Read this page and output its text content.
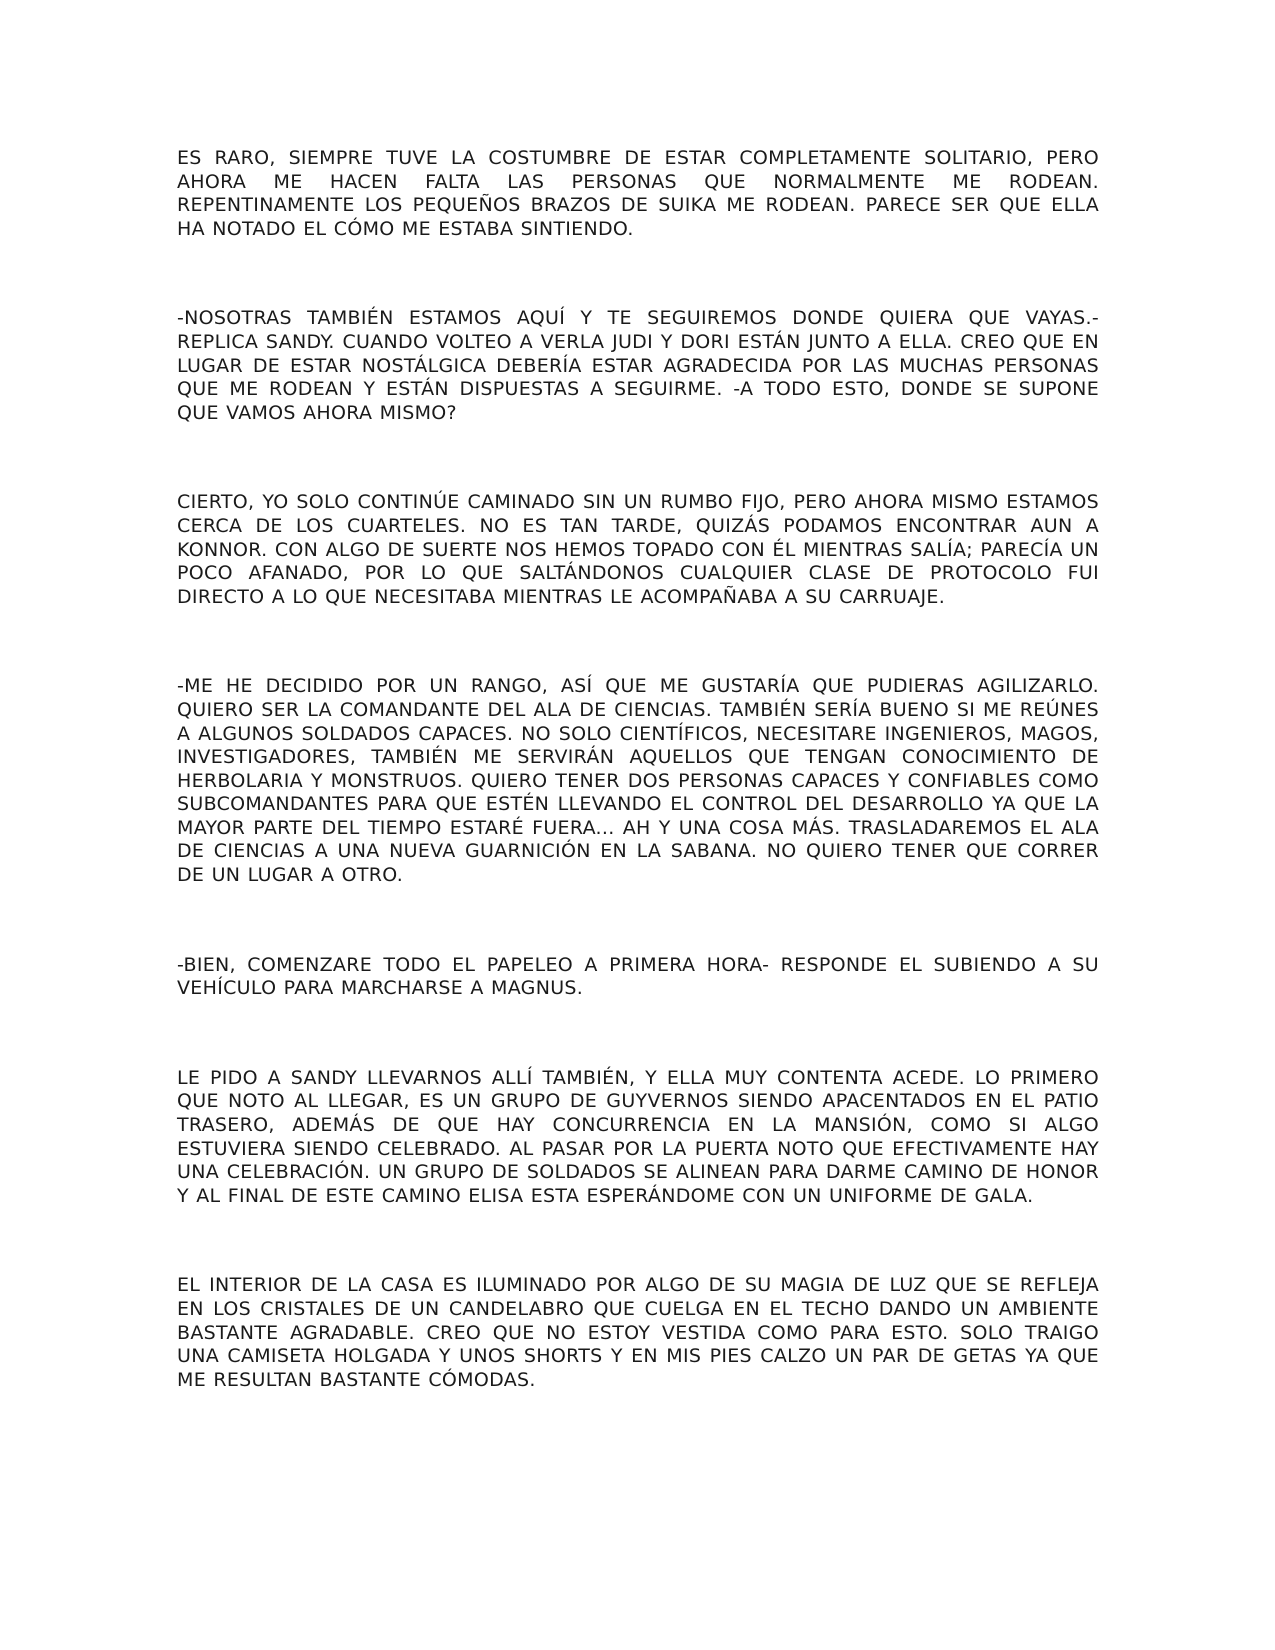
ES RARO, SIEMPRE TUVE LA COSTUMBRE DE ESTAR COMPLETAMENTE SOLITARIO, PERO AHORA ME HACEN FALTA LAS PERSONAS QUE NORMALMENTE ME RODEAN. REPENTINAMENTE LOS PEQUEÑOS BRAZOS DE SUIKA ME RODEAN. PARECE SER QUE ELLA HA NOTADO EL CÓMO ME ESTABA SINTIENDO.

-NOSOTRAS TAMBIÉN ESTAMOS AQUÍ Y TE SEGUIREMOS DONDE QUIERA QUE VAYAS.- REPLICA SANDY. CUANDO VOLTEO A VERLA JUDI Y DORI ESTÁN JUNTO A ELLA. CREO QUE EN LUGAR DE ESTAR NOSTÁLGICA DEBERÍA ESTAR AGRADECIDA POR LAS MUCHAS PERSONAS QUE ME RODEAN Y ESTÁN DISPUESTAS A SEGUIRME. -A TODO ESTO, DONDE SE SUPONE QUE VAMOS AHORA MISMO?

CIERTO, YO SOLO CONTINÚE CAMINADO SIN UN RUMBO FIJO, PERO AHORA MISMO ESTAMOS CERCA DE LOS CUARTELES. NO ES TAN TARDE, QUIZÁS PODAMOS ENCONTRAR AUN A KONNOR. CON ALGO DE SUERTE NOS HEMOS TOPADO CON ÉL MIENTRAS SALÍA; PARECÍA UN POCO AFANADO, POR LO QUE SALTÁNDONOS CUALQUIER CLASE DE PROTOCOLO FUI DIRECTO A LO QUE NECESITABA MIENTRAS LE ACOMPAÑABA A SU CARRUAJE.

-ME HE DECIDIDO POR UN RANGO, ASÍ QUE ME GUSTARÍA QUE PUDIERAS AGILIZARLO. QUIERO SER LA COMANDANTE DEL ALA DE CIENCIAS. TAMBIÉN SERÍA BUENO SI ME REÚNES A ALGUNOS SOLDADOS CAPACES. NO SOLO CIENTÍFICOS, NECESITARE INGENIEROS, MAGOS, INVESTIGADORES, TAMBIÉN ME SERVIRÁN AQUELLOS QUE TENGAN CONOCIMIENTO DE HERBOLARIA Y MONSTRUOS. QUIERO TENER DOS PERSONAS CAPACES Y CONFIABLES COMO SUBCOMANDANTES PARA QUE ESTÉN LLEVANDO EL CONTROL DEL DESARROLLO YA QUE LA MAYOR PARTE DEL TIEMPO ESTARÉ FUERA... AH Y UNA COSA MÁS. TRASLADAREMOS EL ALA DE CIENCIAS A UNA NUEVA GUARNICIÓN EN LA SABANA. NO QUIERO TENER QUE CORRER DE UN LUGAR A OTRO.

-BIEN, COMENZARE TODO EL PAPELEO A PRIMERA HORA- RESPONDE EL SUBIENDO A SU VEHÍCULO PARA MARCHARSE A MAGNUS.

LE PIDO A SANDY LLEVARNOS ALLÍ TAMBIÉN, Y ELLA MUY CONTENTA ACEDE. LO PRIMERO QUE NOTO AL LLEGAR, ES UN GRUPO DE GUYVERNOS SIENDO APACENTADOS EN EL PATIO TRASERO, ADEMÁS DE QUE HAY CONCURRENCIA EN LA MANSIÓN, COMO SI ALGO ESTUVIERA SIENDO CELEBRADO. AL PASAR POR LA PUERTA NOTO QUE EFECTIVAMENTE HAY UNA CELEBRACIÓN. UN GRUPO DE SOLDADOS SE ALINEAN PARA DARME CAMINO DE HONOR Y AL FINAL DE ESTE CAMINO ELISA ESTA ESPERÁNDOME CON UN UNIFORME DE GALA.

EL INTERIOR DE LA CASA ES ILUMINADO POR ALGO DE SU MAGIA DE LUZ QUE SE REFLEJA EN LOS CRISTALES DE UN CANDELABRO QUE CUELGA EN EL TECHO DANDO UN AMBIENTE BASTANTE AGRADABLE. CREO QUE NO ESTOY VESTIDA COMO PARA ESTO. SOLO TRAIGO UNA CAMISETA HOLGADA Y UNOS SHORTS Y EN MIS PIES CALZO UN PAR DE GETAS YA QUE ME RESULTAN BASTANTE CÓMODAS.
